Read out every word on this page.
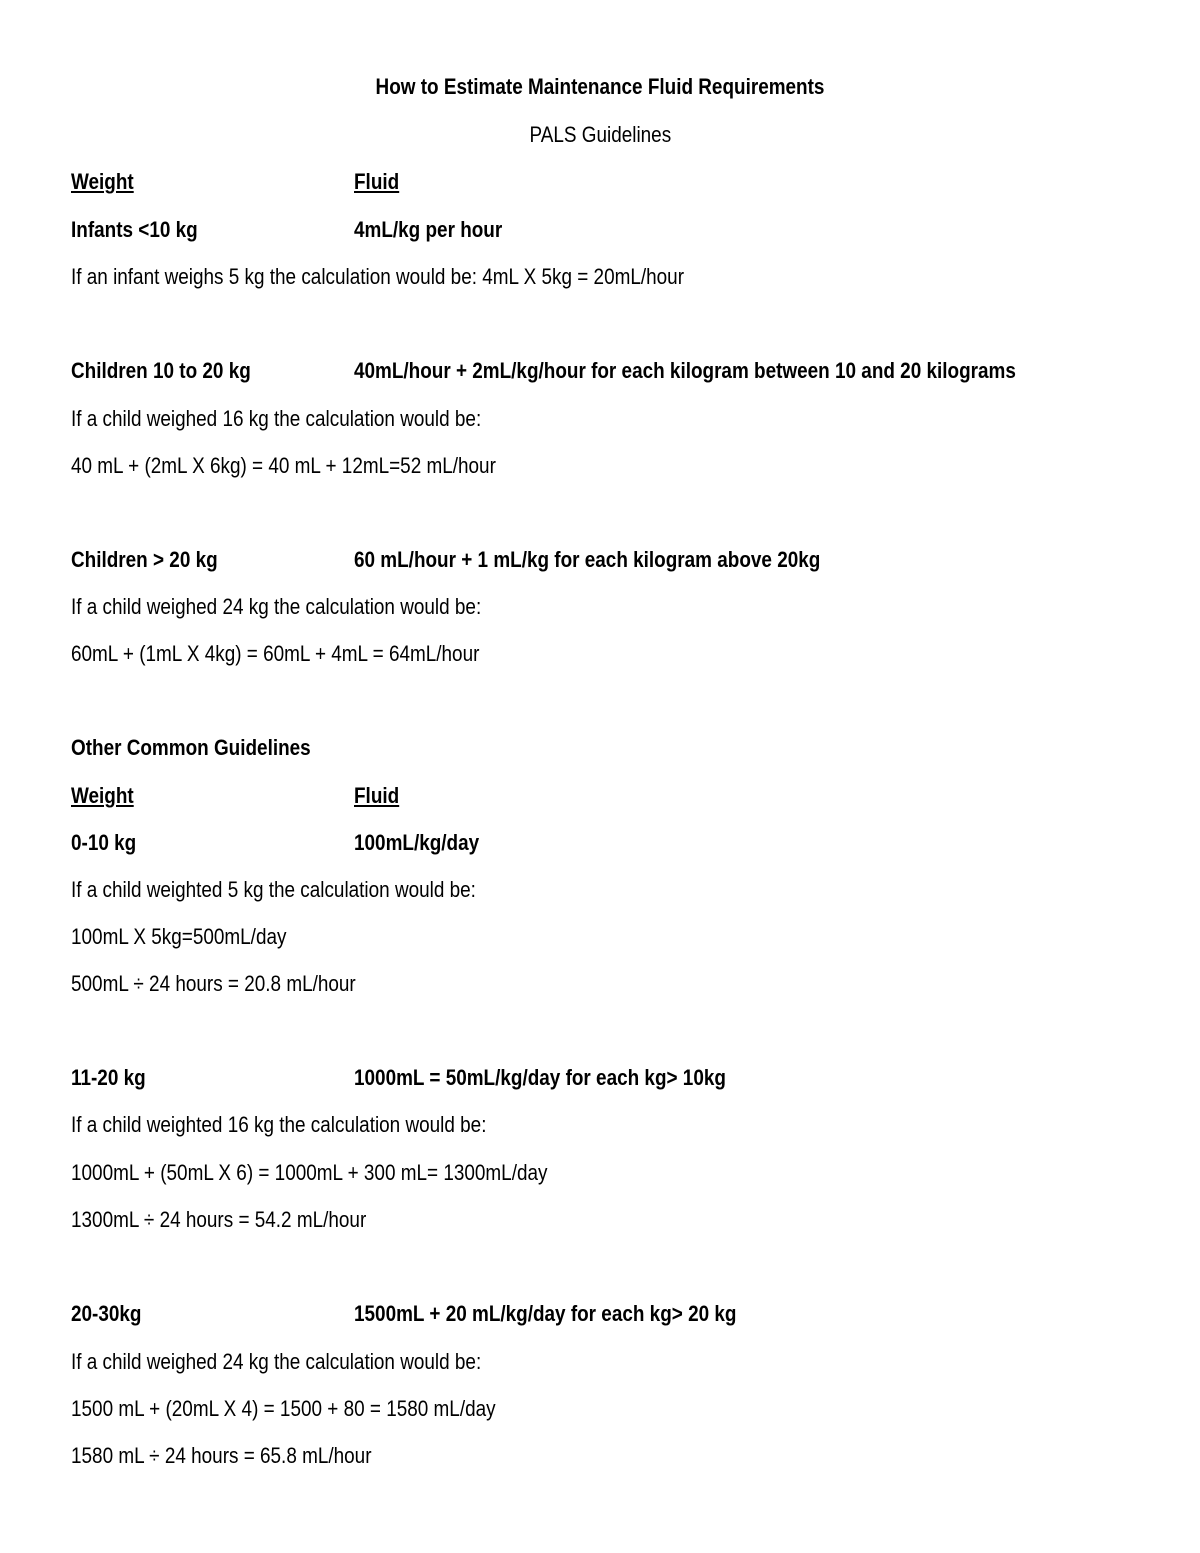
How to Estimate Maintenance Fluid Requirements
PALS Guidelines
Weight	Fluid
Infants <10 kg	4mL/kg per hour
If an infant weighs 5 kg the calculation would be: 4mL X 5kg = 20mL/hour
Children 10 to 20 kg	40mL/hour + 2mL/kg/hour for each kilogram between 10 and 20 kilograms
If a child weighed 16 kg the calculation would be:
40 mL + (2mL X 6kg) = 40 mL + 12mL=52 mL/hour
Children > 20 kg	60 mL/hour + 1 mL/kg for each kilogram above 20kg
If a child weighed 24 kg the calculation would be:
60mL + (1mL X 4kg) = 60mL + 4mL = 64mL/hour
Other Common Guidelines
Weight	Fluid
0-10 kg	100mL/kg/day
If a child weighted 5 kg the calculation would be:
100mL X 5kg=500mL/day
500mL ÷ 24 hours = 20.8 mL/hour
11-20 kg	1000mL = 50mL/kg/day for each kg> 10kg
If a child weighted 16 kg the calculation would be:
1000mL + (50mL X 6) = 1000mL + 300 mL= 1300mL/day
1300mL ÷ 24 hours = 54.2 mL/hour
20-30kg	1500mL + 20 mL/kg/day for each kg> 20 kg
If a child weighed 24 kg the calculation would be:
1500 mL + (20mL X 4) = 1500 + 80 = 1580 mL/day
1580 mL ÷ 24 hours = 65.8 mL/hour
